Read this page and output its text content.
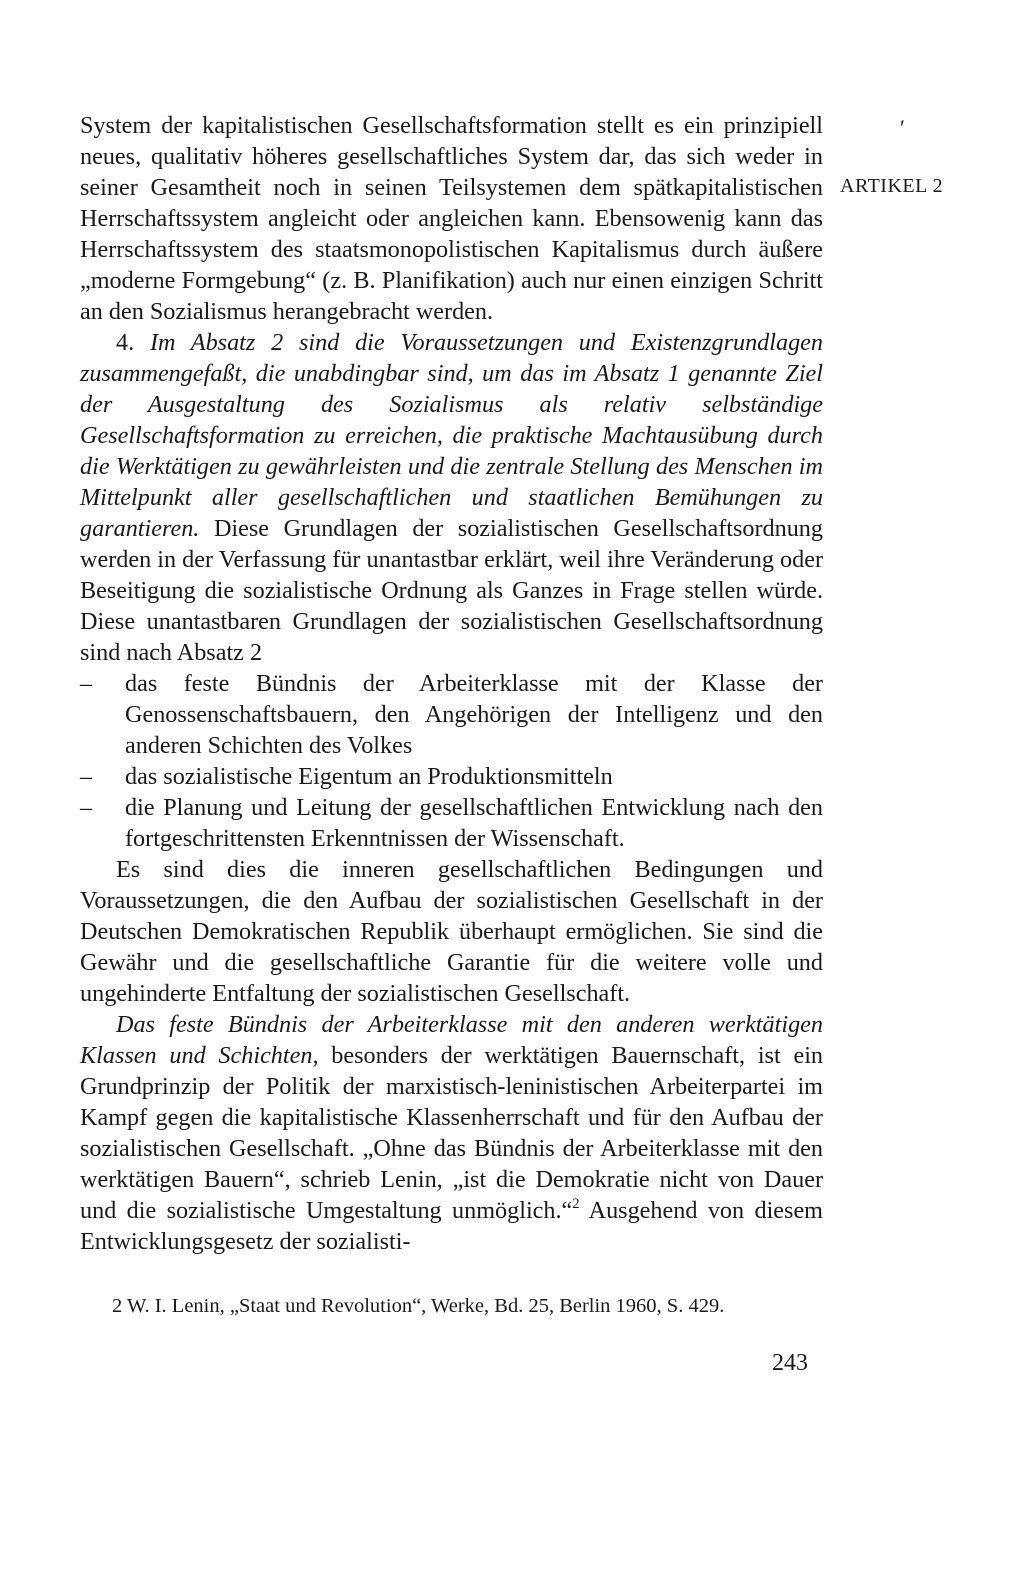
′
ARTIKEL 2

System der kapitalistischen Gesellschaftsformation stellt es ein prinzipiell neues, qualitativ höheres gesellschaftliches System dar, das sich weder in seiner Gesamtheit noch in seinen Teilsystemen dem spätkapitalistischen Herrschaftssystem angleicht oder angleichen kann. Ebensowenig kann das Herrschaftssystem des staatsmonopolistischen Kapitalismus durch äußere „moderne Formgebung“ (z. B. Planifikation) auch nur einen einzigen Schritt an den Sozialismus herangebracht werden.

4. Im Absatz 2 sind die Voraussetzungen und Existenzgrundlagen zusammengefaßt, die unabdingbar sind, um das im Absatz 1 genannte Ziel der Ausgestaltung des Sozialismus als relativ selbständige Gesellschaftsformation zu erreichen, die praktische Machtausübung durch die Werktätigen zu gewährleisten und die zentrale Stellung des Menschen im Mittelpunkt aller gesellschaftlichen und staatlichen Bemühungen zu garantieren. Diese Grundlagen der sozialistischen Gesellschaftsordnung werden in der Verfassung für unantastbar erklärt, weil ihre Veränderung oder Beseitigung die sozialistische Ordnung als Ganzes in Frage stellen würde. Diese unantastbaren Grundlagen der sozialistischen Gesellschaftsordnung sind nach Absatz 2

– das feste Bündnis der Arbeiterklasse mit der Klasse der Genossenschaftsbauern, den Angehörigen der Intelligenz und den anderen Schichten des Volkes
– das sozialistische Eigentum an Produktionsmitteln
– die Planung und Leitung der gesellschaftlichen Entwicklung nach den fortgeschrittensten Erkenntnissen der Wissenschaft.

Es sind dies die inneren gesellschaftlichen Bedingungen und Voraussetzungen, die den Aufbau der sozialistischen Gesellschaft in der Deutschen Demokratischen Republik überhaupt ermöglichen. Sie sind die Gewähr und die gesellschaftliche Garantie für die weitere volle und ungehinderte Entfaltung der sozialistischen Gesellschaft.

Das feste Bündnis der Arbeiterklasse mit den anderen werktätigen Klassen und Schichten, besonders der werktätigen Bauernschaft, ist ein Grundprinzip der Politik der marxistisch-leninistischen Arbeiterpartei im Kampf gegen die kapitalistische Klassenherrschaft und für den Aufbau der sozialistischen Gesellschaft. „Ohne das Bündnis der Arbeiterklasse mit den werktätigen Bauern“, schrieb Lenin, „ist die Demokratie nicht von Dauer und die sozialistische Umgestaltung unmöglich.“$^2$ Ausgehend von diesem Entwicklungsgesetz der sozialisti-

2 W. I. Lenin, „Staat und Revolution“, Werke, Bd. 25, Berlin 1960, S. 429.
243
